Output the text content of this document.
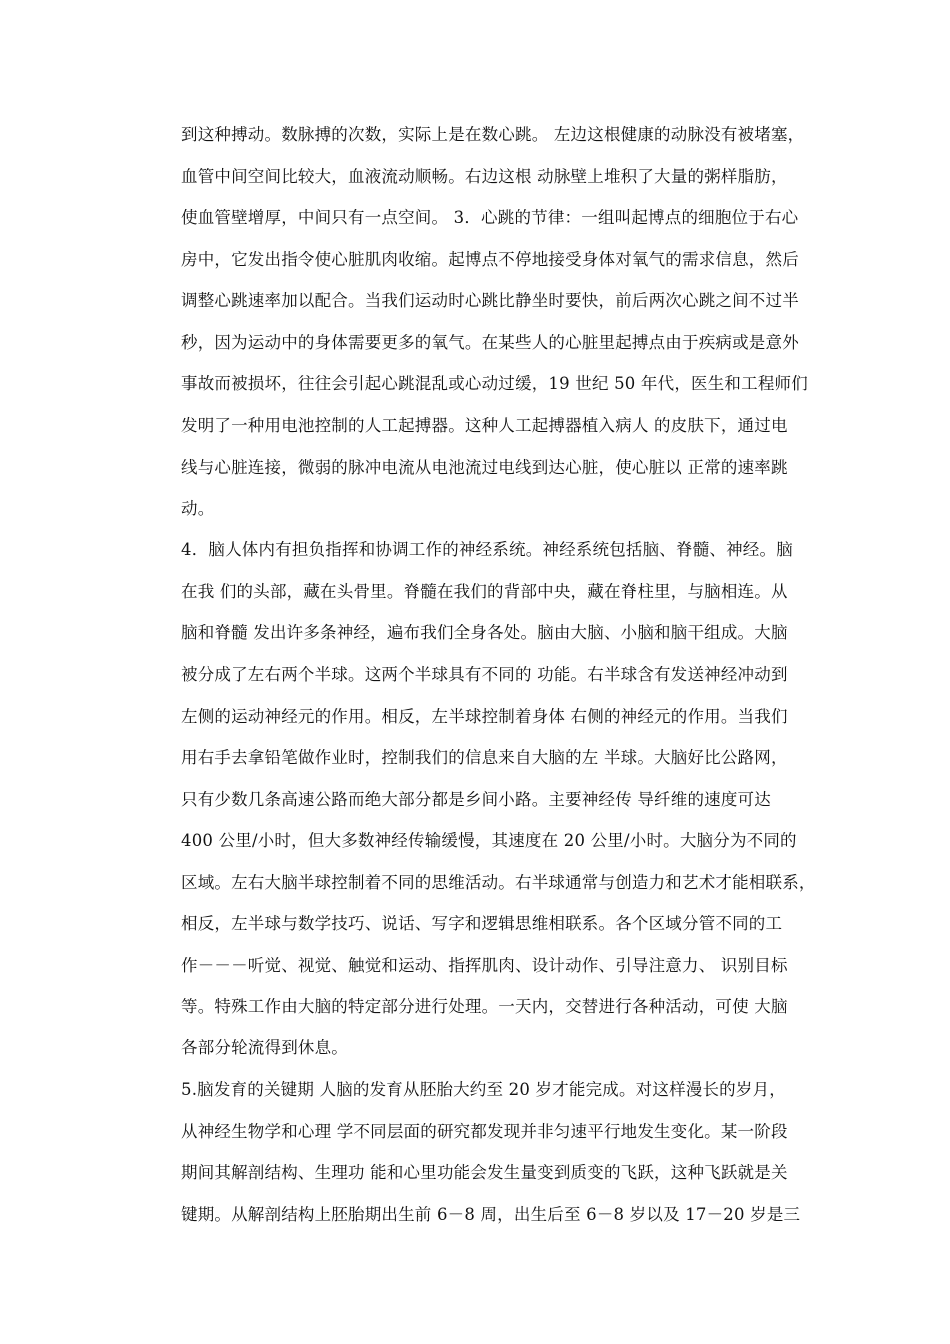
到这种搏动。数脉搏的次数，实际上是在数心跳。 左边这根健康的动脉没有被堵塞，
血管中间空间比较大，血液流动顺畅。右边这根 动脉壁上堆积了大量的粥样脂肪，
使血管壁增厚，中间只有一点空间。 3．心跳的节律：一组叫起博点的细胞位于右心
房中，它发出指令使心脏肌肉收缩。起博点不停地接受身体对氧气的需求信息，然后
调整心跳速率加以配合。当我们运动时心跳比静坐时要快，前后两次心跳之间不过半
秒，因为运动中的身体需要更多的氧气。在某些人的心脏里起搏点由于疾病或是意外
事故而被损坏，往往会引起心跳混乱或心动过缓，19 世纪 50 年代，医生和工程师们
发明了一种用电池控制的人工起搏器。这种人工起搏器植入病人 的皮肤下，通过电
线与心脏连接，微弱的脉冲电流从电池流过电线到达心脏，使心脏以 正常的速率跳
动。
4．脑人体内有担负指挥和协调工作的神经系统。神经系统包括脑、脊髓、神经。脑
在我 们的头部，藏在头骨里。脊髓在我们的背部中央，藏在脊柱里，与脑相连。从
脑和脊髓 发出许多条神经，遍布我们全身各处。脑由大脑、小脑和脑干组成。大脑
被分成了左右两个半球。这两个半球具有不同的 功能。右半球含有发送神经冲动到
左侧的运动神经元的作用。相反，左半球控制着身体 右侧的神经元的作用。当我们
用右手去拿铅笔做作业时，控制我们的信息来自大脑的左 半球。大脑好比公路网，
只有少数几条高速公路而绝大部分都是乡间小路。主要神经传 导纤维的速度可达
400 公里/小时，但大多数神经传输缓慢，其速度在 20 公里/小时。大脑分为不同的
区域。左右大脑半球控制着不同的思维活动。右半球通常与创造力和艺术才能相联系，
相反，左半球与数学技巧、说话、写字和逻辑思维相联系。各个区域分管不同的工
作－－－听觉、视觉、触觉和运动、指挥肌肉、设计动作、引导注意力、 识别目标
等。特殊工作由大脑的特定部分进行处理。一天内，交替进行各种活动，可使 大脑
各部分轮流得到休息。
5.脑发育的关键期 人脑的发育从胚胎大约至 20 岁才能完成。对这样漫长的岁月，
从神经生物学和心理 学不同层面的研究都发现并非匀速平行地发生变化。某一阶段
期间其解剖结构、生理功 能和心里功能会发生量变到质变的飞跃，这种飞跃就是关
键期。从解剖结构上胚胎期出生前 6－8 周，出生后至 6－8 岁以及 17－20 岁是三
